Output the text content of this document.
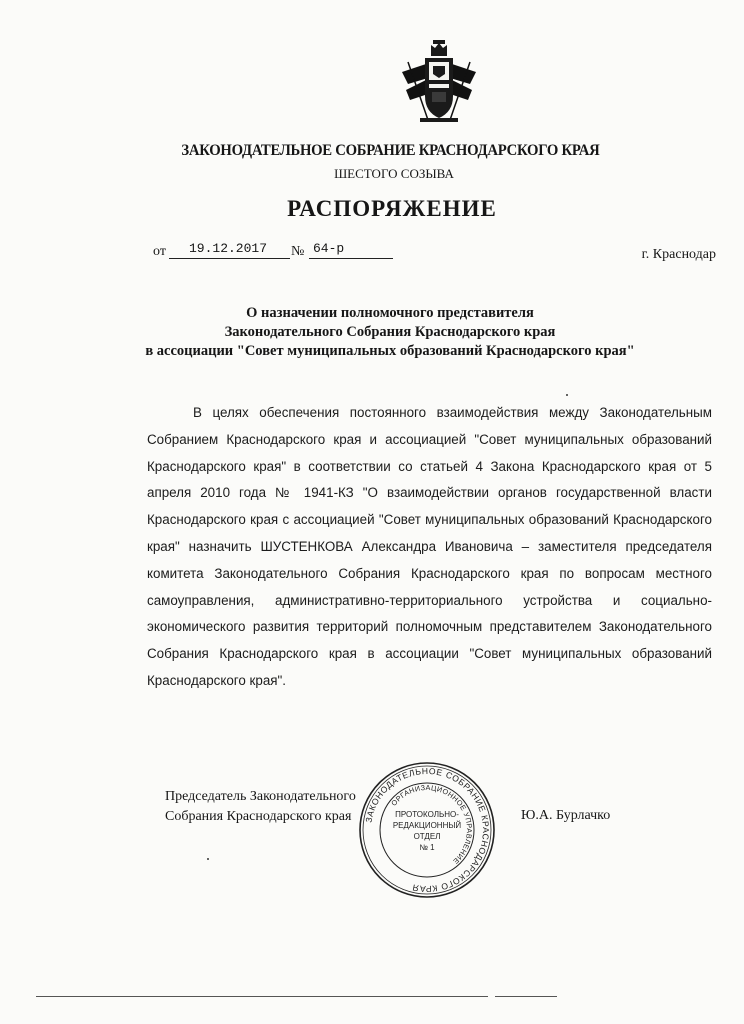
ЗАКОНОДАТЕЛЬНОЕ СОБРАНИЕ КРАСНОДАРСКОГО КРАЯ
ШЕСТОГО СОЗЫВА
РАСПОРЯЖЕНИЕ
от 19.12.2017 № 64-р	г. Краснодар
О назначении полномочного представителя
Законодательного Собрания Краснодарского края
в ассоциации "Совет муниципальных образований Краснодарского края"
В целях обеспечения постоянного взаимодействия между Законодательным Собранием Краснодарского края и ассоциацией "Совет муниципальных образований Краснодарского края" в соответствии со статьей 4 Закона Краснодарского края от 5 апреля 2010 года № 1941-КЗ "О взаимодействии органов государственной власти Краснодарского края с ассоциацией "Совет муниципальных образований Краснодарского края" назначить ШУСТЕНКОВА Александра Ивановича – заместителя председателя комитета Законодательного Собрания Краснодарского края по вопросам местного самоуправления, административно-территориального устройства и социально-экономического развития территорий полномочным представителем Законодательного Собрания Краснодарского края в ассоциации "Совет муниципальных образований Краснодарского края".
Председатель Законодательного
Собрания Краснодарского края	Ю.А. Бурлачко
ЗАКОНОДАТЕЛЬНОЕ СОБРАНИЕ КРАСНОДАРСКОГО КРАЯ
ОРГАНИЗАЦИОННОЕ УПРАВЛЕНИЕ
ПРОТОКОЛЬНО-
РЕДАКЦИОННЫЙ
ОТДЕЛ
№ 1
